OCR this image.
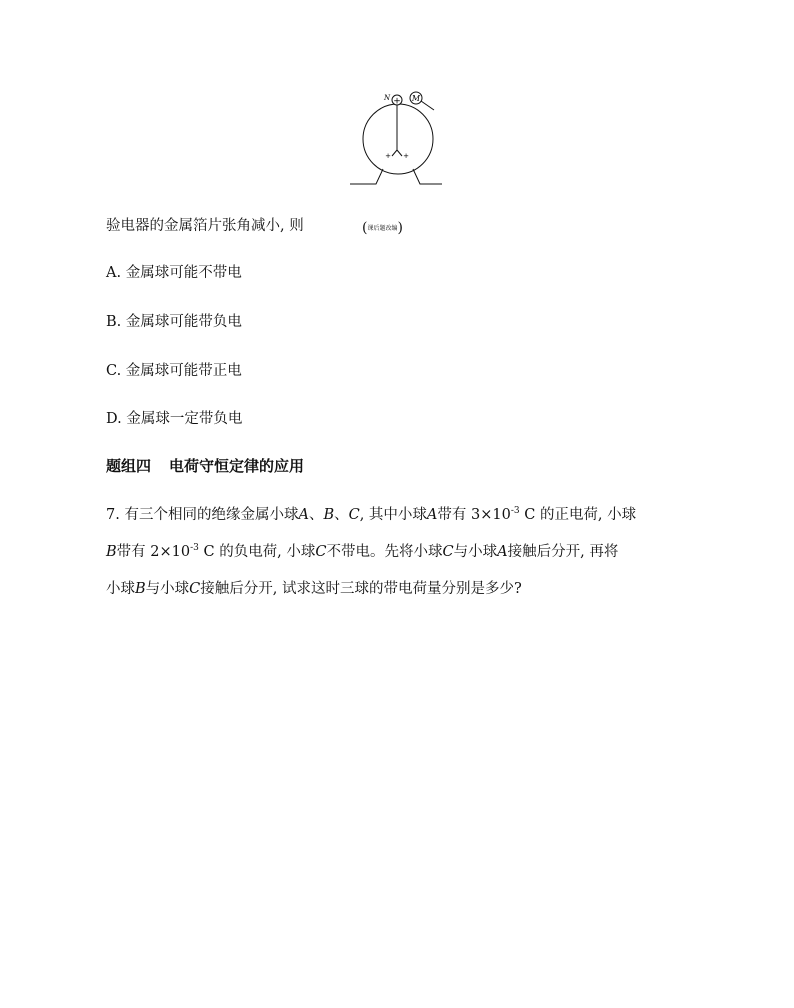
+
N	M
+ +
验电器的金属箔片张角减小, 则	(课后题改编)
A. 金属球可能不带电
B. 金属球可能带负电
C. 金属球可能带正电
D. 金属球一定带负电
题组四 电荷守恒定律的应用
7. 有三个相同的绝缘金属小球A、B、C, 其中小球A带有 $3\times 10^{-3}$ C 的正电荷, 小球
B带有 $2\times 10^{-3}$ C 的负电荷, 小球C不带电。先将小球C与小球A接触后分开, 再将
小球B与小球C接触后分开, 试求这时三球的带电荷量分别是多少?
